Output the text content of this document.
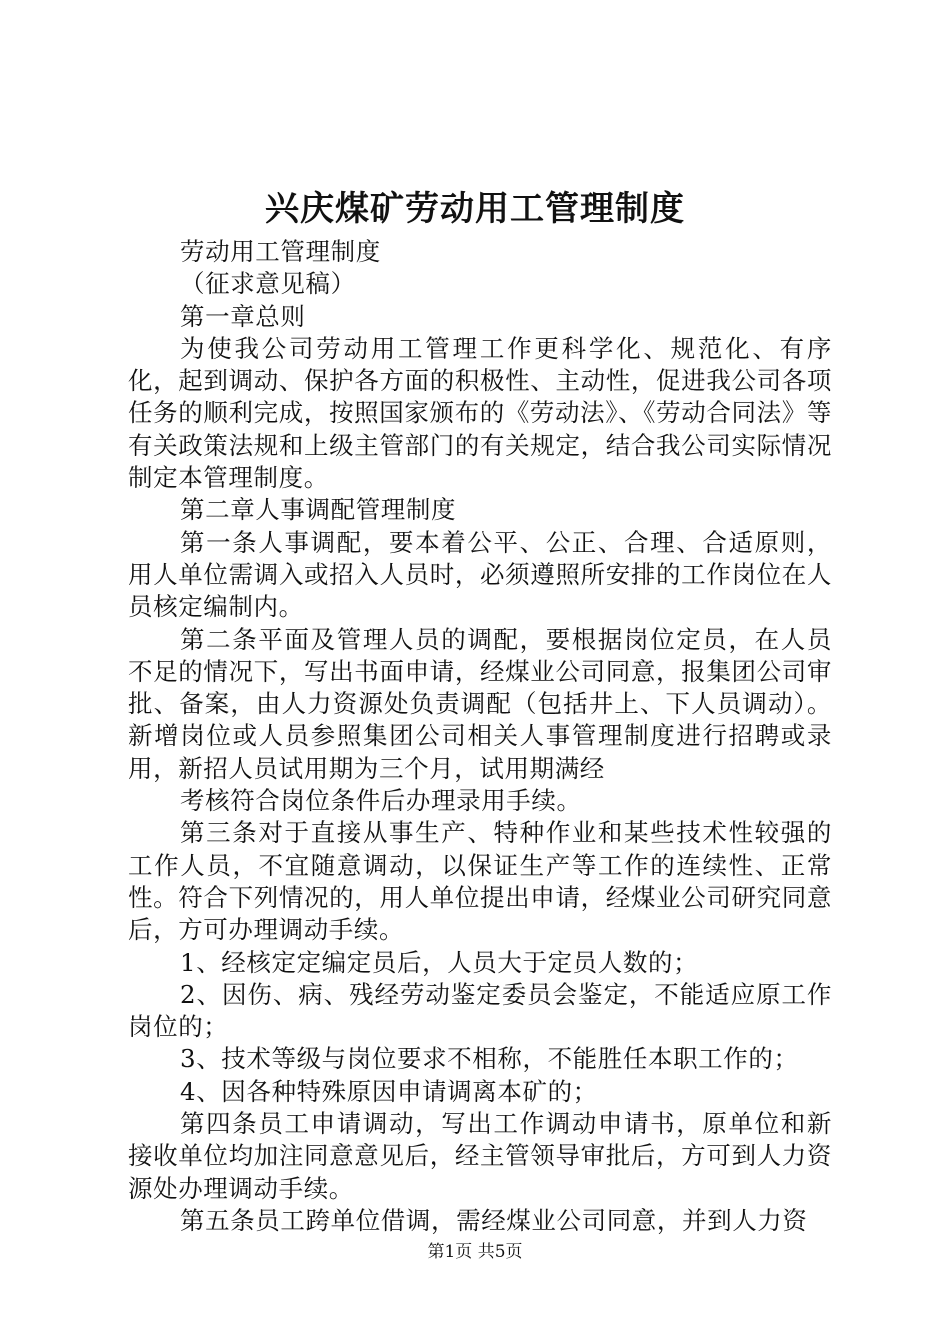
兴庆煤矿劳动用工管理制度

劳动用工管理制度

（征求意见稿）

第一章总则

为使我公司劳动用工管理工作更科学化、规范化、有序化，起到调动、保护各方面的积极性、主动性，促进我公司各项任务的顺利完成，按照国家颁布的《劳动法》、《劳动合同法》等有关政策法规和上级主管部门的有关规定，结合我公司实际情况制定本管理制度。

第二章人事调配管理制度

第一条人事调配，要本着公平、公正、合理、合适原则，用人单位需调入或招入人员时，必须遵照所安排的工作岗位在人员核定编制内。

第二条平面及管理人员的调配，要根据岗位定员，在人员不足的情况下，写出书面申请，经煤业公司同意，报集团公司审批、备案，由人力资源处负责调配（包括井上、下人员调动）。新增岗位或人员参照集团公司相关人事管理制度进行招聘或录用，新招人员试用期为三个月，试用期满经

考核符合岗位条件后办理录用手续。

第三条对于直接从事生产、特种作业和某些技术性较强的工作人员，不宜随意调动，以保证生产等工作的连续性、正常性。符合下列情况的，用人单位提出申请，经煤业公司研究同意后，方可办理调动手续。

1、经核定定编定员后，人员大于定员人数的；

2、因伤、病、残经劳动鉴定委员会鉴定，不能适应原工作岗位的；

3、技术等级与岗位要求不相称，不能胜任本职工作的；

4、因各种特殊原因申请调离本矿的；

第四条员工申请调动，写出工作调动申请书，原单位和新接收单位均加注同意意见后，经主管领导审批后，方可到人力资源处办理调动手续。

第五条员工跨单位借调，需经煤业公司同意，并到人力资

第1页 共5页
